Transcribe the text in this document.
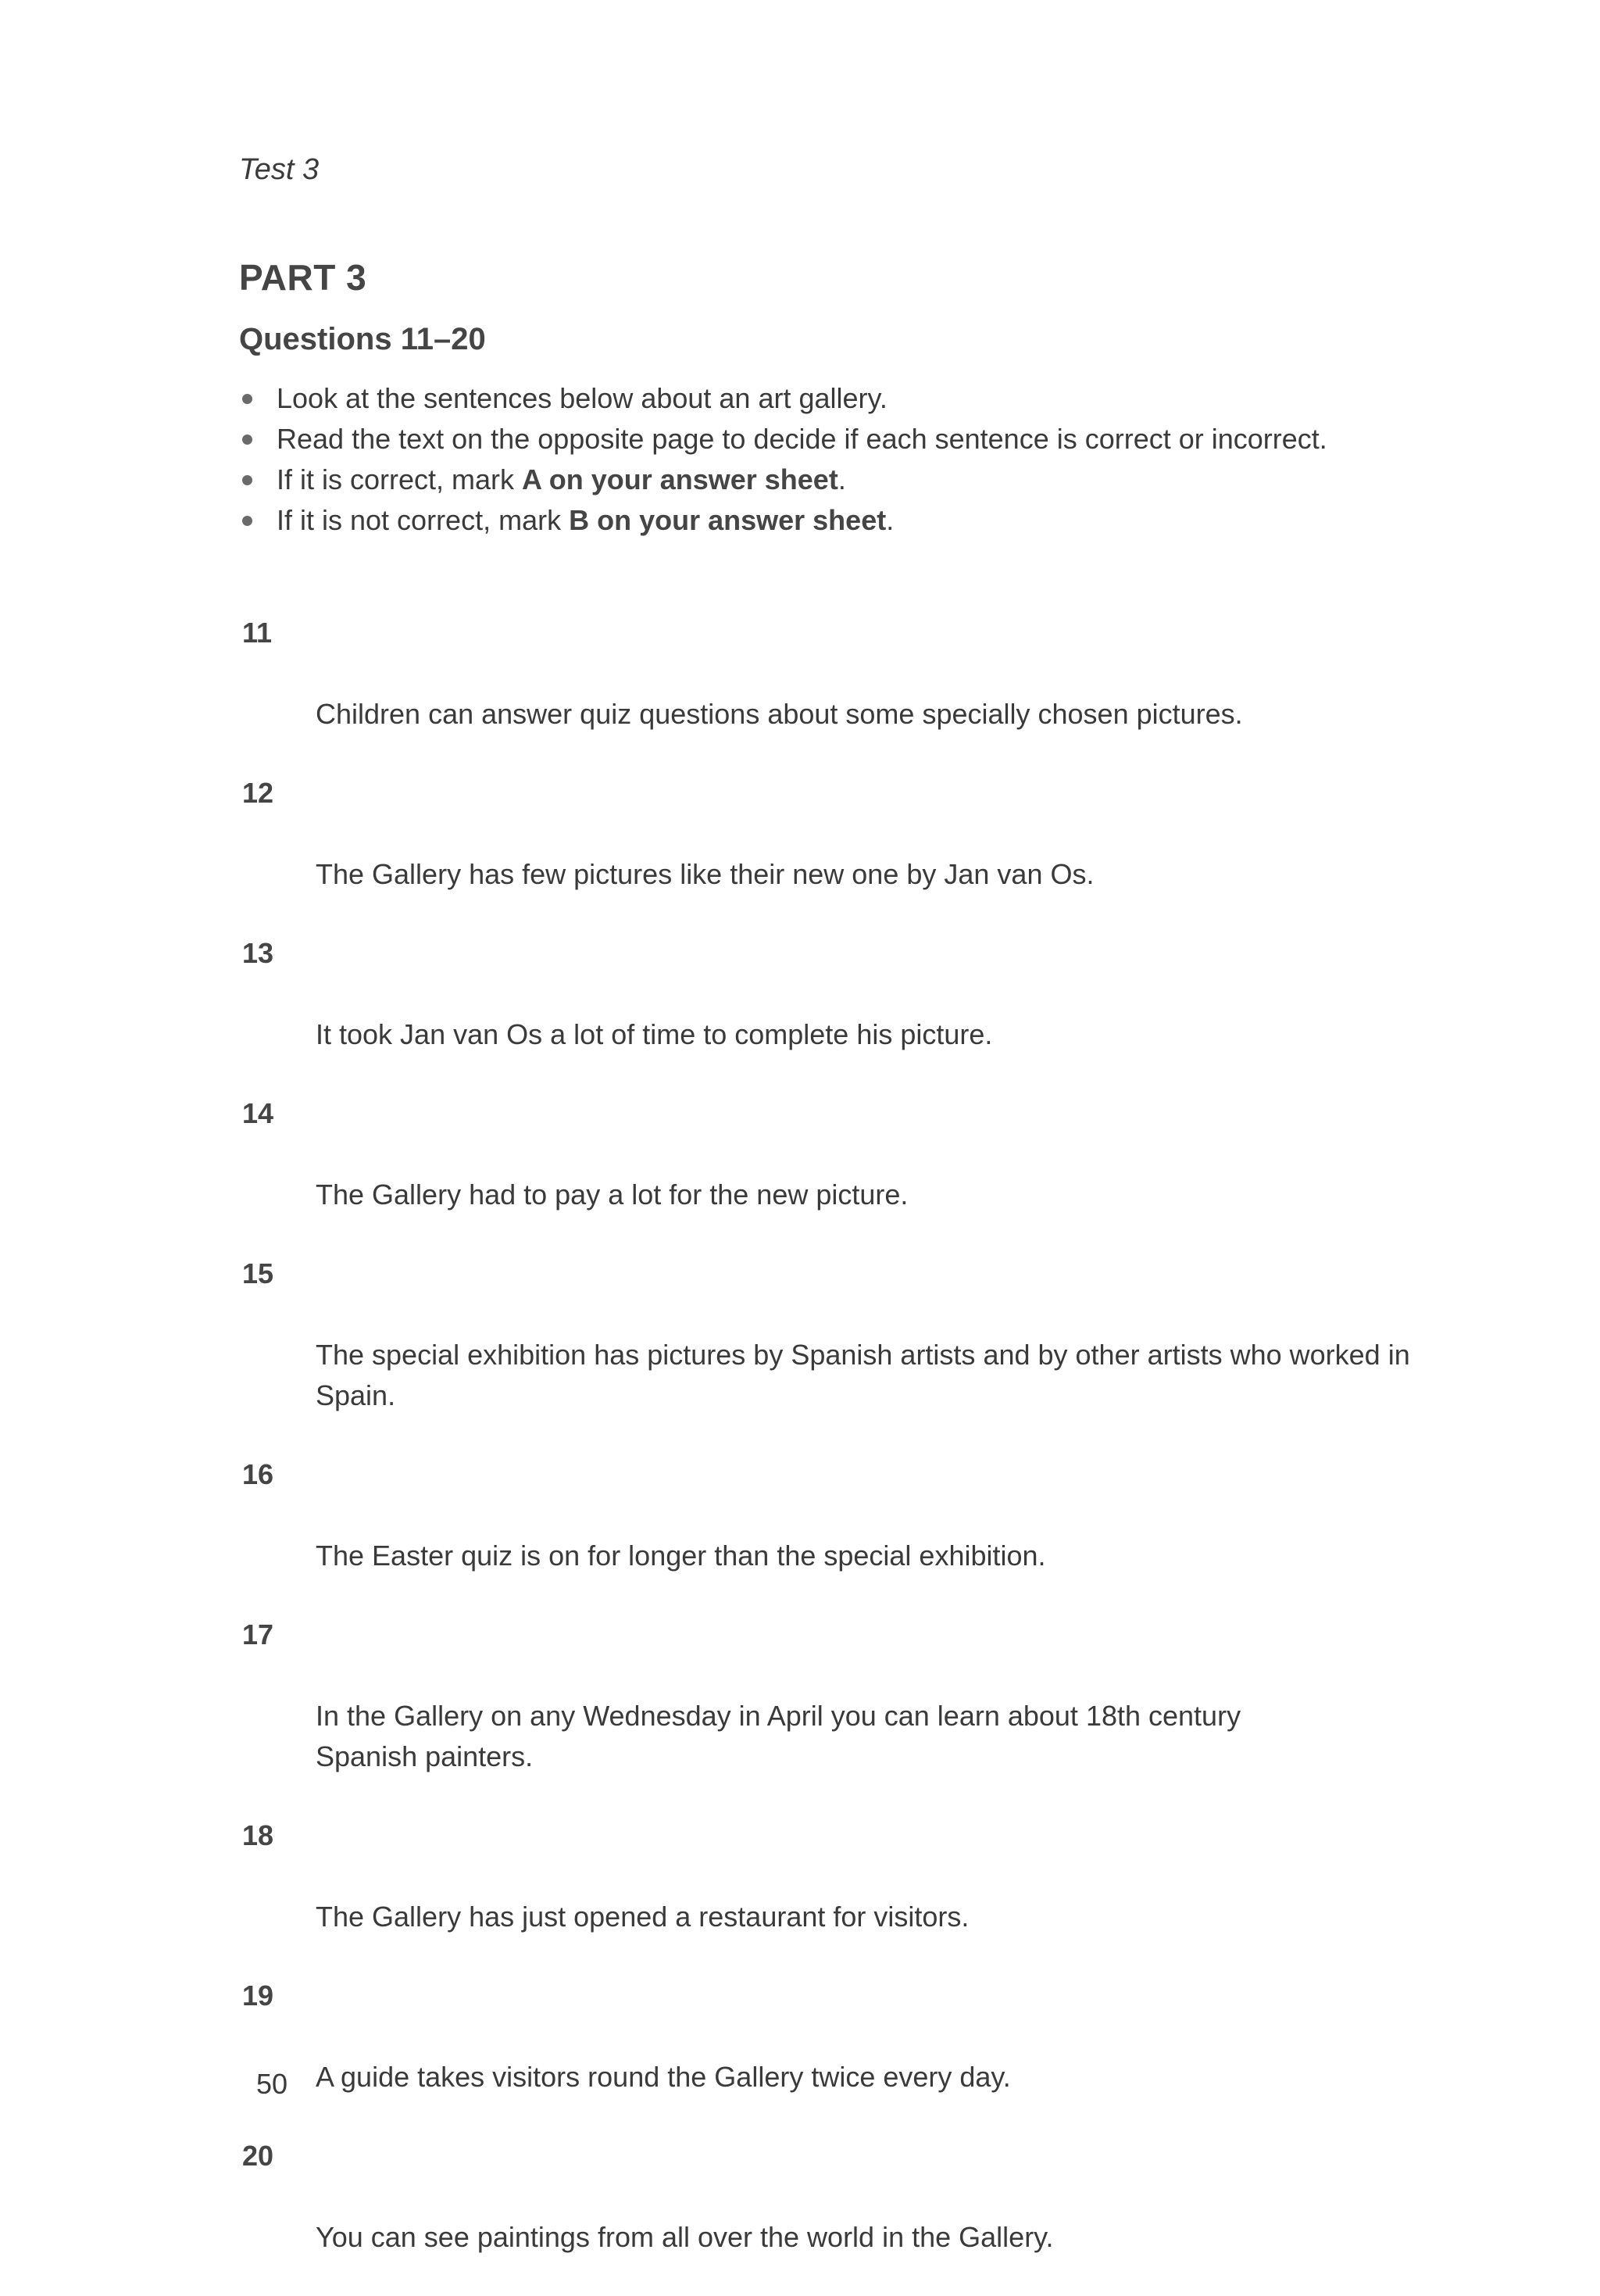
Test 3
PART 3
Questions 11–20
Look at the sentences below about an art gallery.
Read the text on the opposite page to decide if each sentence is correct or incorrect.
If it is correct, mark A on your answer sheet.
If it is not correct, mark B on your answer sheet.

11

Children can answer quiz questions about some specially chosen pictures.

12

The Gallery has few pictures like their new one by Jan van Os.

13

It took Jan van Os a lot of time to complete his picture.

14

The Gallery had to pay a lot for the new picture.

15

The special exhibition has pictures by Spanish artists and by other artists who worked in
Spain.

16

The Easter quiz is on for longer than the special exhibition.

17

In the Gallery on any Wednesday in April you can learn about 18th century
Spanish painters.

18

The Gallery has just opened a restaurant for visitors.

19

A guide takes visitors round the Gallery twice every day.

20

You can see paintings from all over the world in the Gallery.

50
